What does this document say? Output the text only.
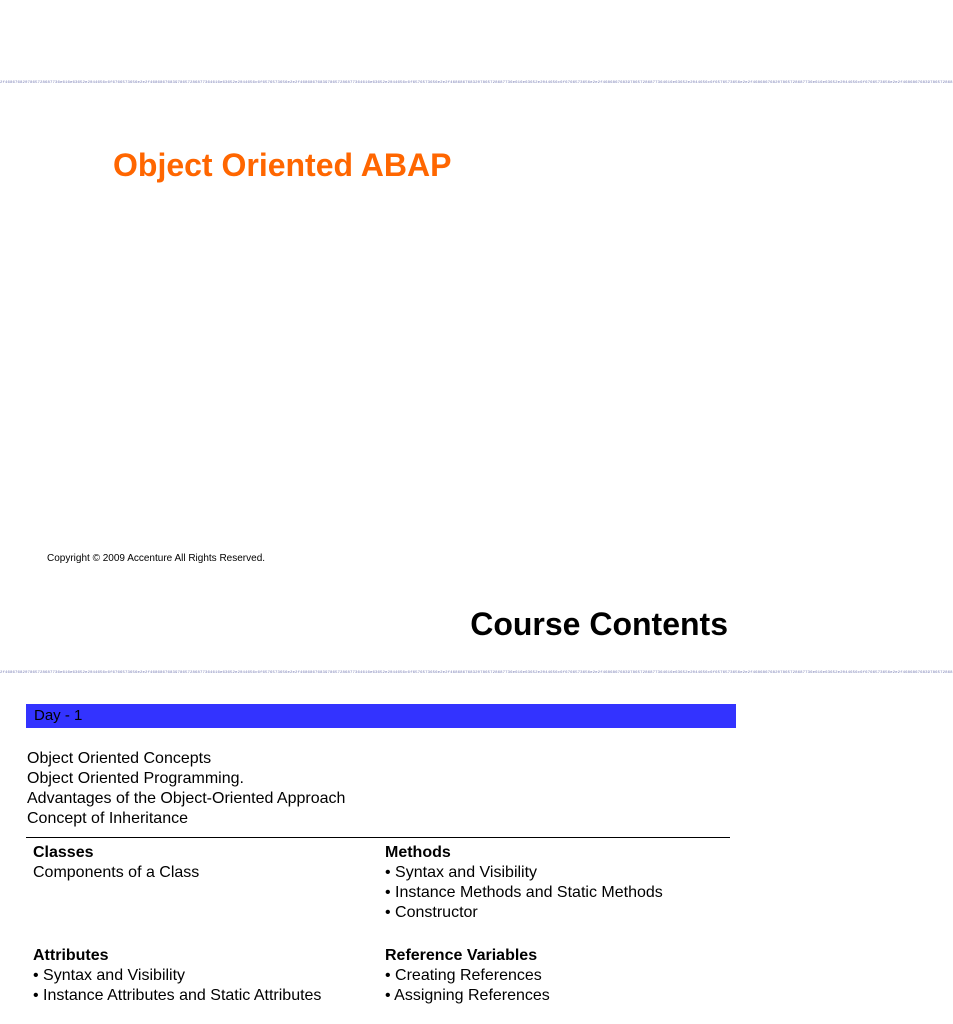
2f4686768207865728687736e616e63652e2044656c6f6766573656e2e2f4686867683978657286877364616e63652e2044656c6f6576573656e2e2f4686867683978657286877364616e63652e2044656c6f6576573656e2e2f4686867683207865728687736e616e63652e2044656c6f6766573656e2e2f4686867683978657286877364616e63652e2044656c6f6576573656e2e2f468686768207865728687736e616e63652e2044656c6f6766573656e2e2f46868676839786572868
Object Oriented ABAP
Copyright © 2009 Accenture All Rights Reserved.
Course Contents
2f4686768207865728687736e616e63652e2044656c6f6766573656e2e2f4686867683978657286877364616e63652e2044656c6f6576573656e2e2f4686867683978657286877364616e63652e2044656c6f6576573656e2e2f4686867683207865728687736e616e63652e2044656c6f6766573656e2e2f4686867683978657286877364616e63652e2044656c6f6576573656e2e2f468686768207865728687736e616e63652e2044656c6f6766573656e2e2f46868676839786572868
Day - 1
Object Oriented Concepts
Object Oriented Programming.
Advantages of the Object-Oriented Approach
Concept of Inheritance
Classes
Components of a Class
Methods
• Syntax and Visibility
• Instance Methods and Static Methods
• Constructor
Attributes
• Syntax and Visibility
• Instance Attributes and Static Attributes
Reference Variables
• Creating References
• Assigning References
